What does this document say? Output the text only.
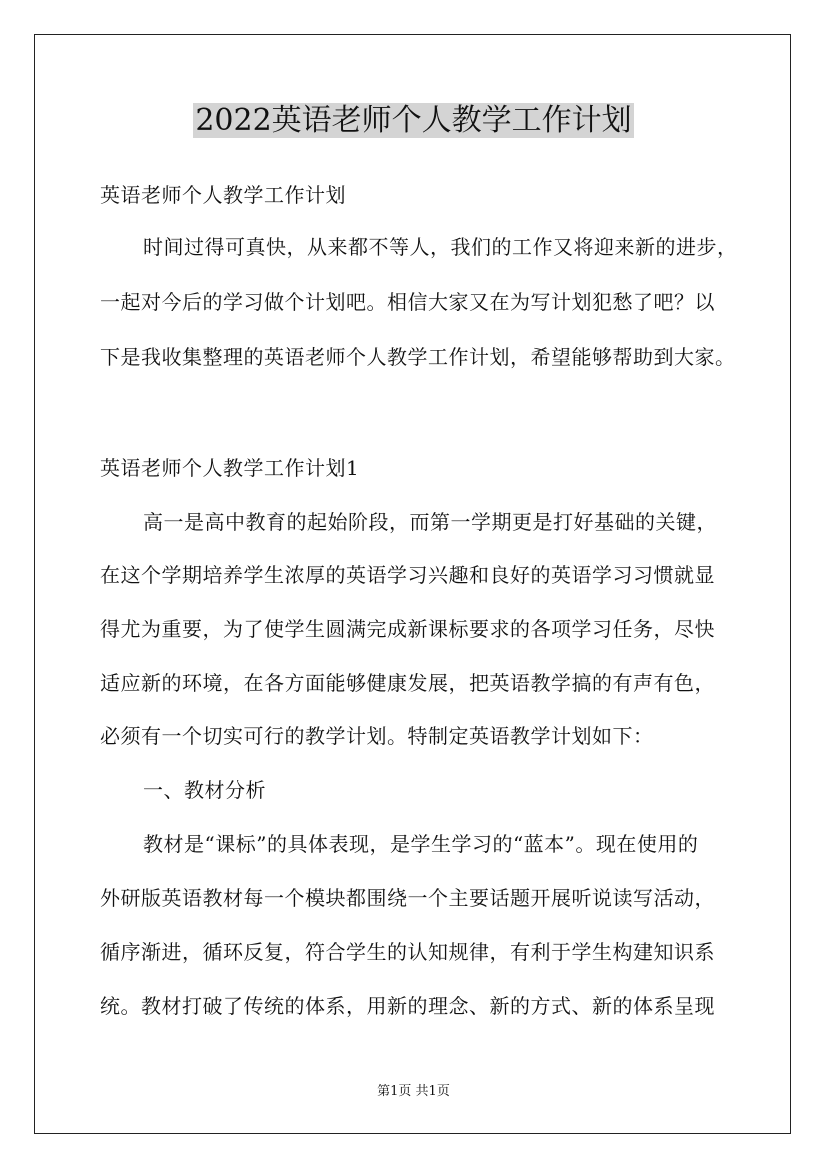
2022英语老师个人教学工作计划
英语老师个人教学工作计划
时间过得可真快，从来都不等人，我们的工作又将迎来新的进步，
一起对今后的学习做个计划吧。相信大家又在为写计划犯愁了吧？以
下是我收集整理的英语老师个人教学工作计划，希望能够帮助到大家。
英语老师个人教学工作计划1
高一是高中教育的起始阶段，而第一学期更是打好基础的关键，
在这个学期培养学生浓厚的英语学习兴趣和良好的英语学习习惯就显
得尤为重要，为了使学生圆满完成新课标要求的各项学习任务，尽快
适应新的环境，在各方面能够健康发展，把英语教学搞的有声有色，
必须有一个切实可行的教学计划。特制定英语教学计划如下：
一、教材分析
教材是“课标”的具体表现，是学生学习的“蓝本”。现在使用的
外研版英语教材每一个模块都围绕一个主要话题开展听说读写活动，
循序渐进，循环反复，符合学生的认知规律，有利于学生构建知识系
统。教材打破了传统的体系，用新的理念、新的方式、新的体系呈现
第1页 共1页
